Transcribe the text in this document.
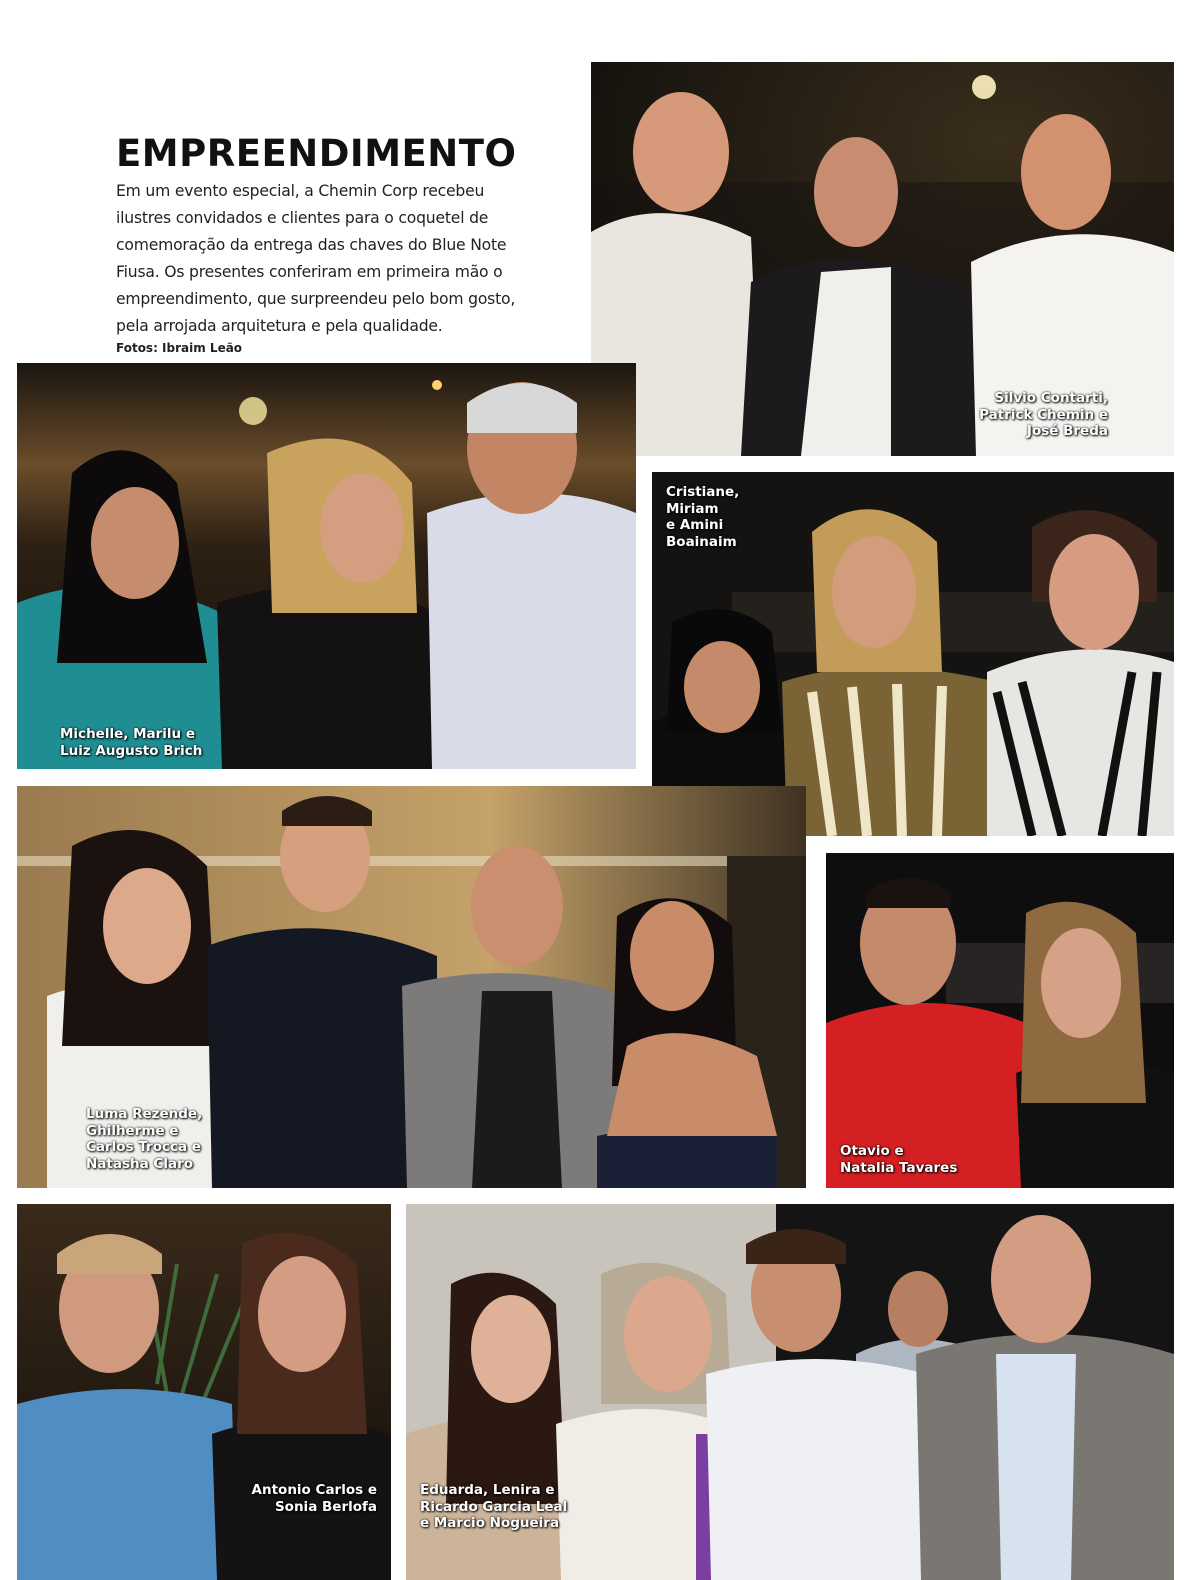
EMPREENDIMENTO
Em um evento especial, a Chemin Corp recebeu
ilustres convidados e clientes para o coquetel de
comemoração da entrega das chaves do Blue Note
Fiusa. Os presentes conferiram em primeira mão o
empreendimento, que surpreendeu pelo bom gosto,
pela arrojada arquitetura e pela qualidade.
Fotos: Ibraim Leão
Silvio Contarti,
Patrick Chemin e
José Breda
Michelle, Marilu e
Luiz Augusto Brich
Cristiane,
Miriam
e Amini
Boainaim
Luma Rezende,
Ghilherme e
Carlos Trocca e
Natasha Claro
Otavio e
Natalia Tavares
Antonio Carlos e
Sonia Berlofa
Eduarda, Lenira e
Ricardo Garcia Leal
e Marcio Nogueira
